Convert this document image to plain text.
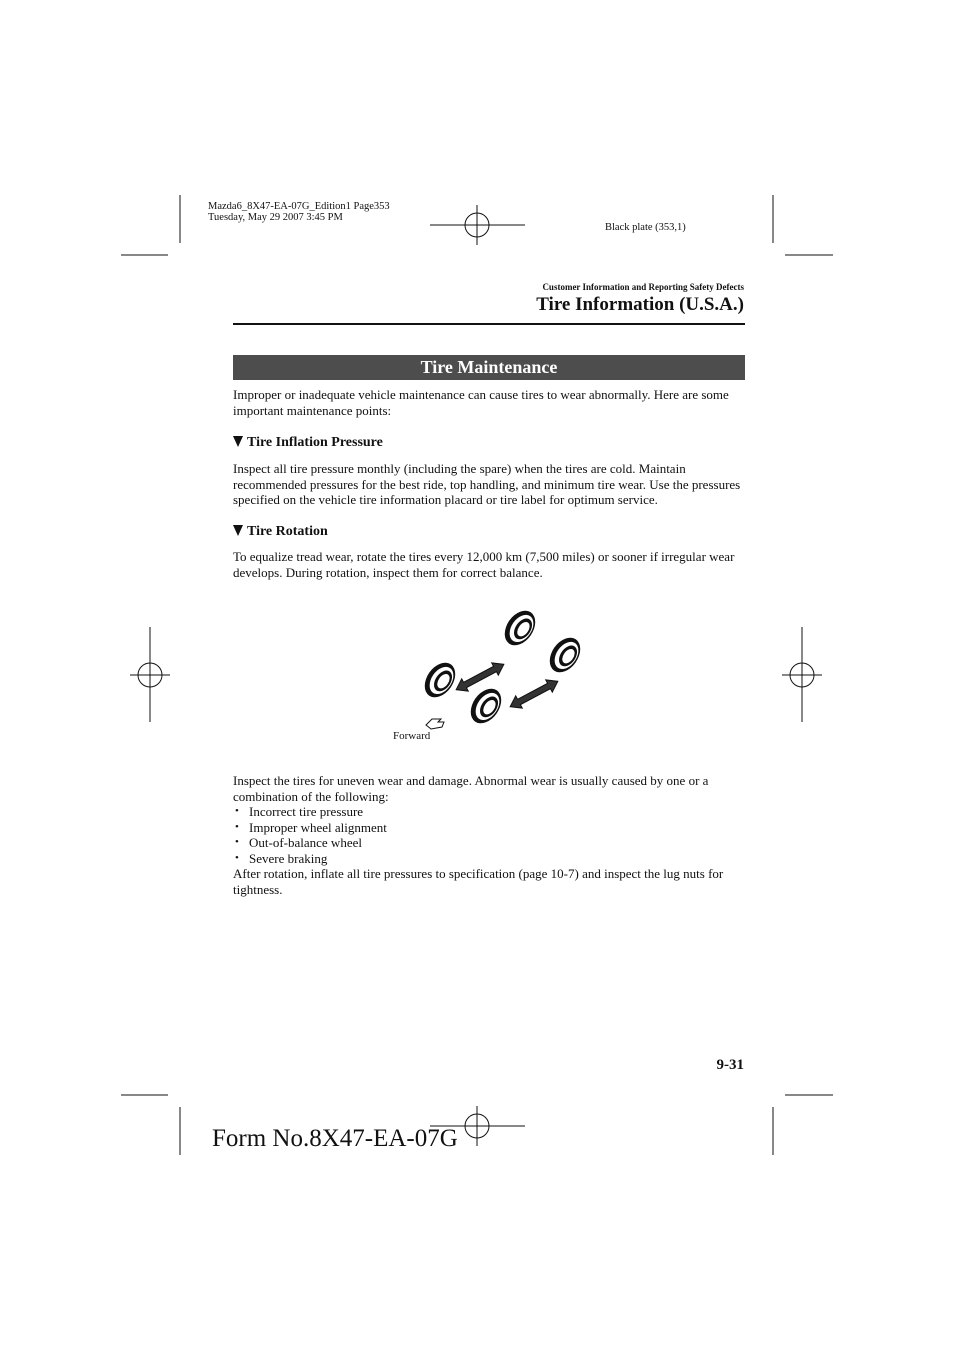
Mazda6_8X47-EA-07G_Edition1 Page353
Tuesday, May 29 2007 3:45 PM
Black plate (353,1)
Customer Information and Reporting Safety Defects
Tire Information (U.S.A.)
Tire Maintenance
Improper or inadequate vehicle maintenance can cause tires to wear abnormally. Here are some important maintenance points:
Tire Inflation Pressure
Inspect all tire pressure monthly (including the spare) when the tires are cold. Maintain recommended pressures for the best ride, top handling, and minimum tire wear. Use the pressures specified on the vehicle tire information placard or tire label for optimum service.
Tire Rotation
To equalize tread wear, rotate the tires every 12,000 km (7,500 miles) or sooner if irregular wear develops. During rotation, inspect them for correct balance.
Forward
Inspect the tires for uneven wear and damage. Abnormal wear is usually caused by one or a combination of the following:
• Incorrect tire pressure
• Improper wheel alignment
• Out-of-balance wheel
• Severe braking
After rotation, inflate all tire pressures to specification (page 10-7) and inspect the lug nuts for tightness.
9-31
Form No.8X47-EA-07G
